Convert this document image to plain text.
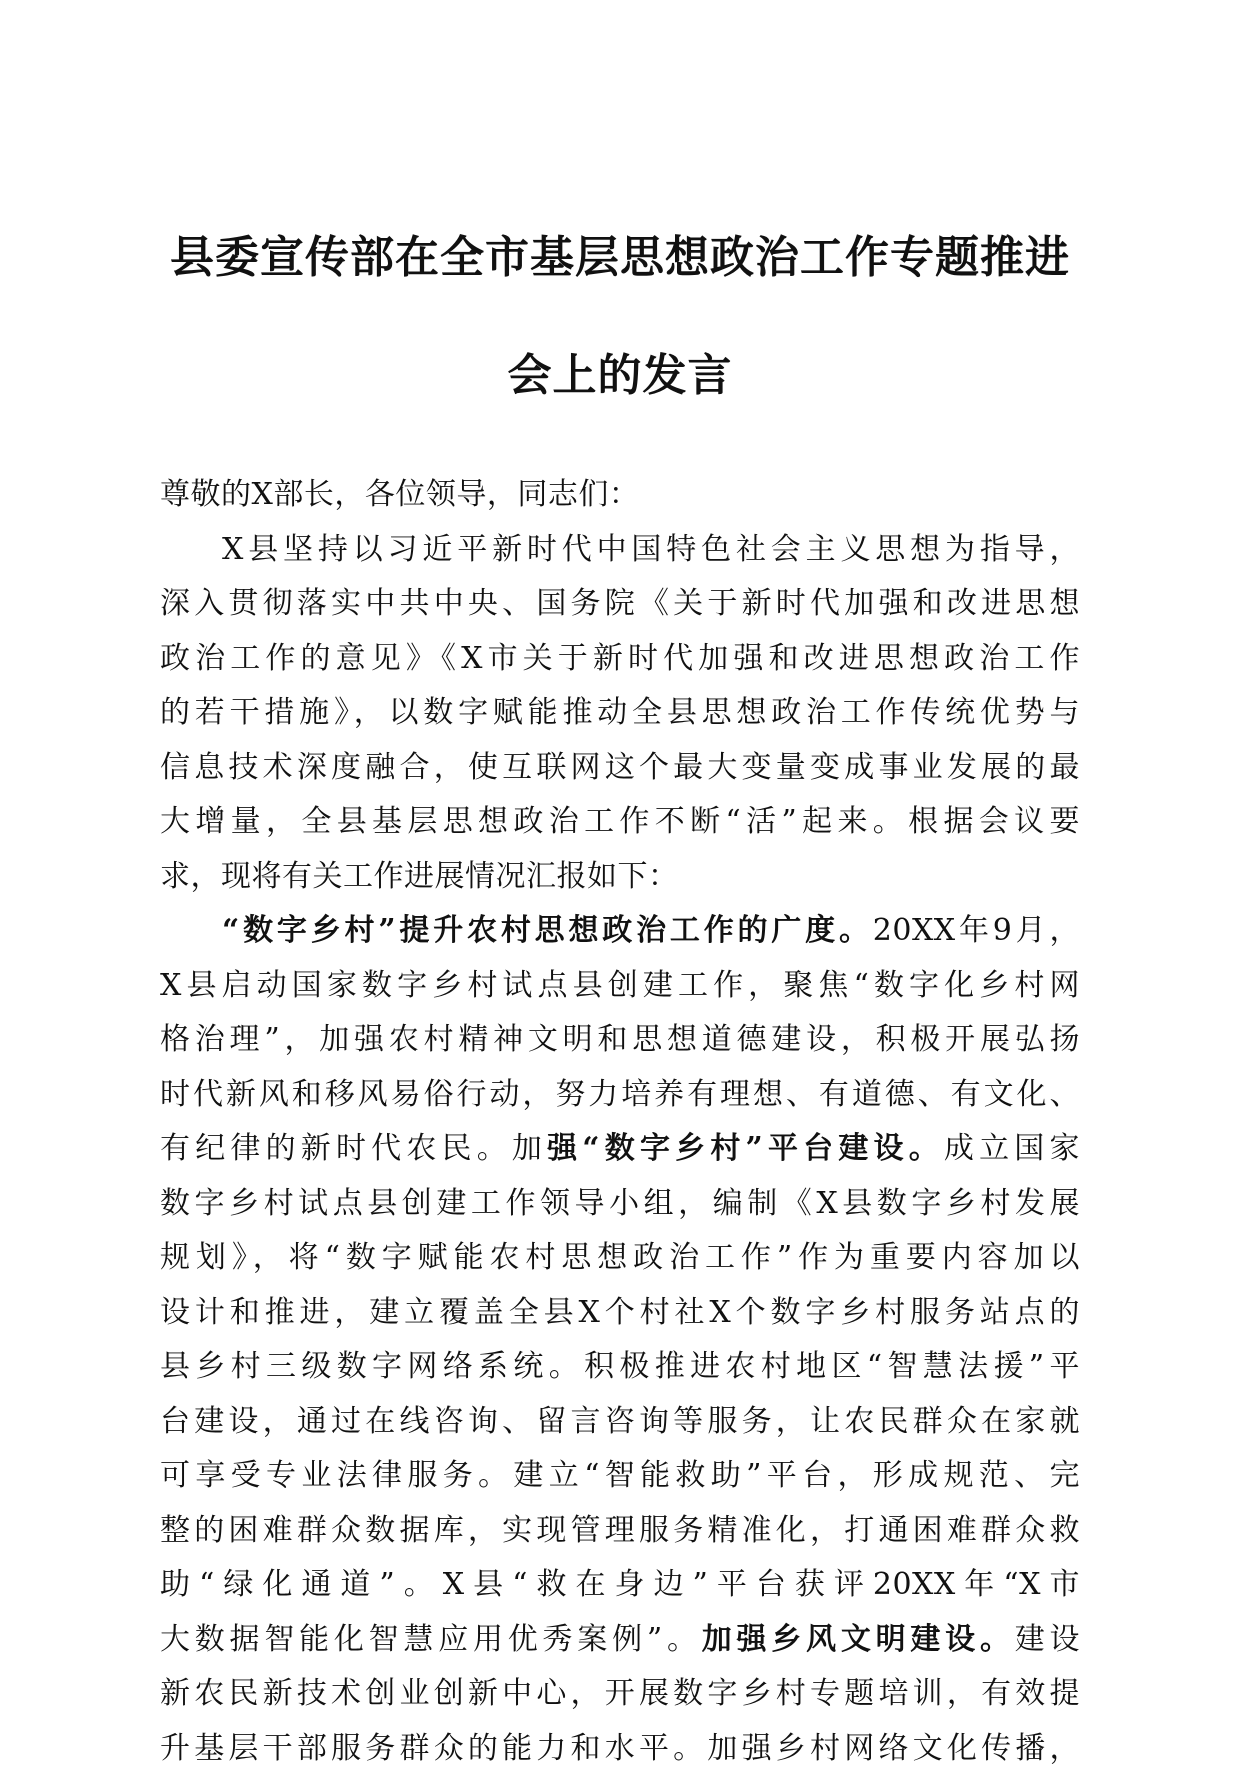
县委宣传部在全市基层思想政治工作专题推进
会上的发言
尊敬的X部长，各位领导，同志们：
X县坚持以习近平新时代中国特色社会主义思想为指导，
深入贯彻落实中共中央、国务院《关于新时代加强和改进思想
政治工作的意见》《X市关于新时代加强和改进思想政治工作
的若干措施》，以数字赋能推动全县思想政治工作传统优势与
信息技术深度融合，使互联网这个最大变量变成事业发展的最
大增量，全县基层思想政治工作不断“活”起来。根据会议要
求，现将有关工作进展情况汇报如下：
“数字乡村”提升农村思想政治工作的广度。20XX年9月，
X县启动国家数字乡村试点县创建工作，聚焦“数字化乡村网
格治理”，加强农村精神文明和思想道德建设，积极开展弘扬
时代新风和移风易俗行动，努力培养有理想、有道德、有文化、
有纪律的新时代农民。加强“数字乡村”平台建设。成立国家
数字乡村试点县创建工作领导小组，编制《X县数字乡村发展
规划》，将“数字赋能农村思想政治工作”作为重要内容加以
设计和推进，建立覆盖全县X个村社X个数字乡村服务站点的
县乡村三级数字网络系统。积极推进农村地区“智慧法援”平
台建设，通过在线咨询、留言咨询等服务，让农民群众在家就
可享受专业法律服务。建立“智能救助”平台，形成规范、完
整的困难群众数据库，实现管理服务精准化，打通困难群众救
助“绿化通道”。X县“救在身边”平台获评20XX年“X市
大数据智能化智慧应用优秀案例”。加强乡风文明建设。建设
新农民新技术创业创新中心，开展数字乡村专题培训，有效提
升基层干部服务群众的能力和水平。加强乡村网络文化传播，
